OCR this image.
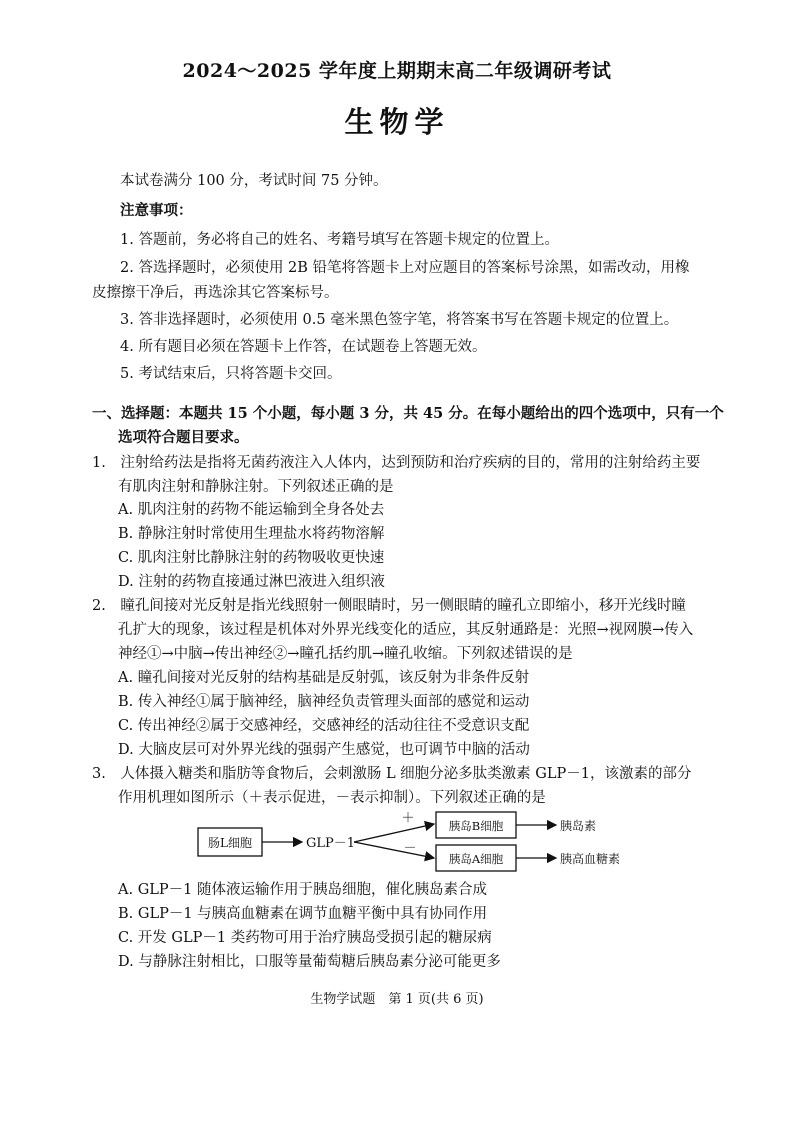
2024～2025 学年度上期期末高二年级调研考试
生物学
本试卷满分 100 分，考试时间 75 分钟。
注意事项：
1. 答题前，务必将自己的姓名、考籍号填写在答题卡规定的位置上。
2. 答选择题时，必须使用 2B 铅笔将答题卡上对应题目的答案标号涂黑，如需改动，用橡
皮擦擦干净后，再选涂其它答案标号。
3. 答非选择题时，必须使用 0.5 毫米黑色签字笔，将答案书写在答题卡规定的位置上。
4. 所有题目必须在答题卡上作答，在试题卷上答题无效。
5. 考试结束后，只将答题卡交回。
一、选择题：本题共 15 个小题，每小题 3 分，共 45 分。在每小题给出的四个选项中，只有一个
选项符合题目要求。
1.　注射给药法是指将无菌药液注入人体内，达到预防和治疗疾病的目的，常用的注射给药主要
有肌肉注射和静脉注射。下列叙述正确的是
A. 肌肉注射的药物不能运输到全身各处去
B. 静脉注射时常使用生理盐水将药物溶解
C. 肌肉注射比静脉注射的药物吸收更快速
D. 注射的药物直接通过淋巴液进入组织液
2.　瞳孔间接对光反射是指光线照射一侧眼睛时，另一侧眼睛的瞳孔立即缩小，移开光线时瞳
孔扩大的现象，该过程是机体对外界光线变化的适应，其反射通路是：光照→视网膜→传入
神经①→中脑→传出神经②→瞳孔括约肌→瞳孔收缩。下列叙述错误的是
A. 瞳孔间接对光反射的结构基础是反射弧，该反射为非条件反射
B. 传入神经①属于脑神经，脑神经负责管理头面部的感觉和运动
C. 传出神经②属于交感神经，交感神经的活动往往不受意识支配
D. 大脑皮层可对外界光线的强弱产生感觉，也可调节中脑的活动
3.　人体摄入糖类和脂肪等食物后，会刺激肠 L 细胞分泌多肽类激素 GLP－1，该激素的部分
作用机理如图所示（＋表示促进，－表示抑制）。下列叙述正确的是
肠L细胞	GLP－1
＋
－
胰岛B细胞
胰岛A细胞
胰岛素
胰高血糖素
A. GLP－1 随体液运输作用于胰岛细胞，催化胰岛素合成
B. GLP－1 与胰高血糖素在调节血糖平衡中具有协同作用
C. 开发 GLP－1 类药物可用于治疗胰岛受损引起的糖尿病
D. 与静脉注射相比，口服等量葡萄糖后胰岛素分泌可能更多
生物学试题　第 1 页(共 6 页)
